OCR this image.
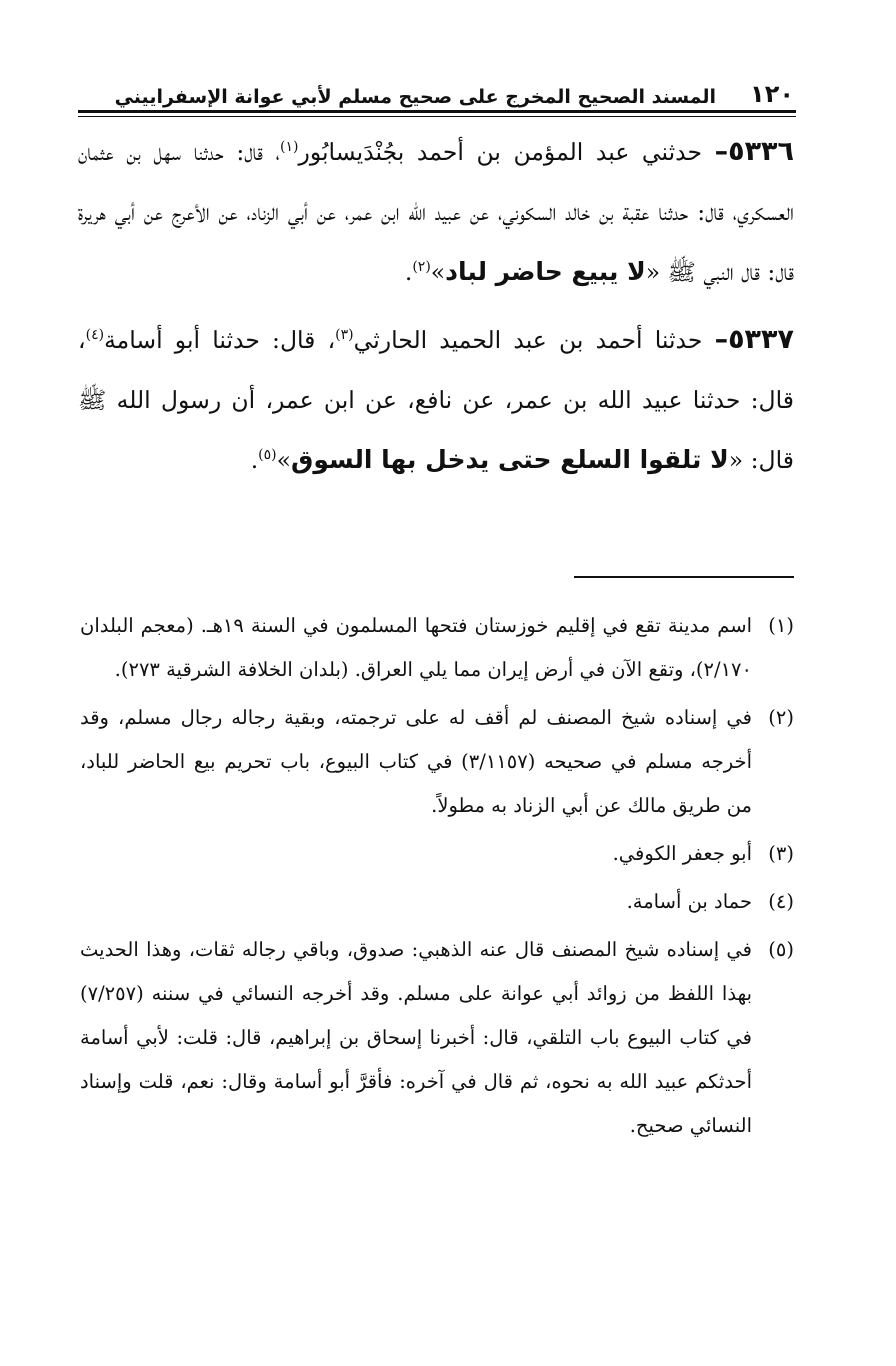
١٢٠
المسند الصحيح المخرج على صحيح مسلم لأبي عوانة الإسفراييني

٥٣٣٦– حدثني عبد المؤمن بن أحمد بجُنْدَيسابُور$^{(١)}$، قال: حدثنا سهل بن عثمان العسكري، قال: حدثنا عقبة بن خالد السكوني، عن عبيد الله ابن عمر، عن أبي الزناد، عن الأعرج عن أبي هريرة قال: قال النبي ﷺ «لا يبيع حاضر لباد»$^{(٢)}$.

٥٣٣٧– حدثنا أحمد بن عبد الحميد الحارثي$^{(٣)}$، قال: حدثنا أبو أسامة$^{(٤)}$، قال: حدثنا عبيد الله بن عمر، عن نافع، عن ابن عمر، أن رسول الله ﷺ قال: «لا تلقوا السلع حتى يدخل بها السوق»$^{(٥)}$.

(١)
اسم مدينة تقع في إقليم خوزستان فتحها المسلمون في السنة ١٩هـ. (معجم البلدان ٢/١٧٠)، وتقع الآن في أرض إيران مما يلي العراق. (بلدان الخلافة الشرقية ٢٧٣).
(٢)
في إسناده شيخ المصنف لم أقف له على ترجمته، وبقية رجاله رجال مسلم، وقد أخرجه مسلم في صحيحه (٣/١١٥٧) في كتاب البيوع، باب تحريم بيع الحاضر للباد، من طريق مالك عن أبي الزناد به مطولاً.
(٣)
أبو جعفر الكوفي.
(٤)
حماد بن أسامة.
(٥)
في إسناده شيخ المصنف قال عنه الذهبي: صدوق، وباقي رجاله ثقات، وهذا الحديث بهذا اللفظ من زوائد أبي عوانة على مسلم. وقد أخرجه النسائي في سننه (٧/٢٥٧) في كتاب البيوع باب التلقي، قال: أخبرنا إسحاق بن إبراهيم، قال: قلت: لأبي أسامة أحدثكم عبيد الله به نحوه، ثم قال في آخره: فأقرَّ أبو أسامة وقال: نعم، قلت وإسناد النسائي صحيح.
